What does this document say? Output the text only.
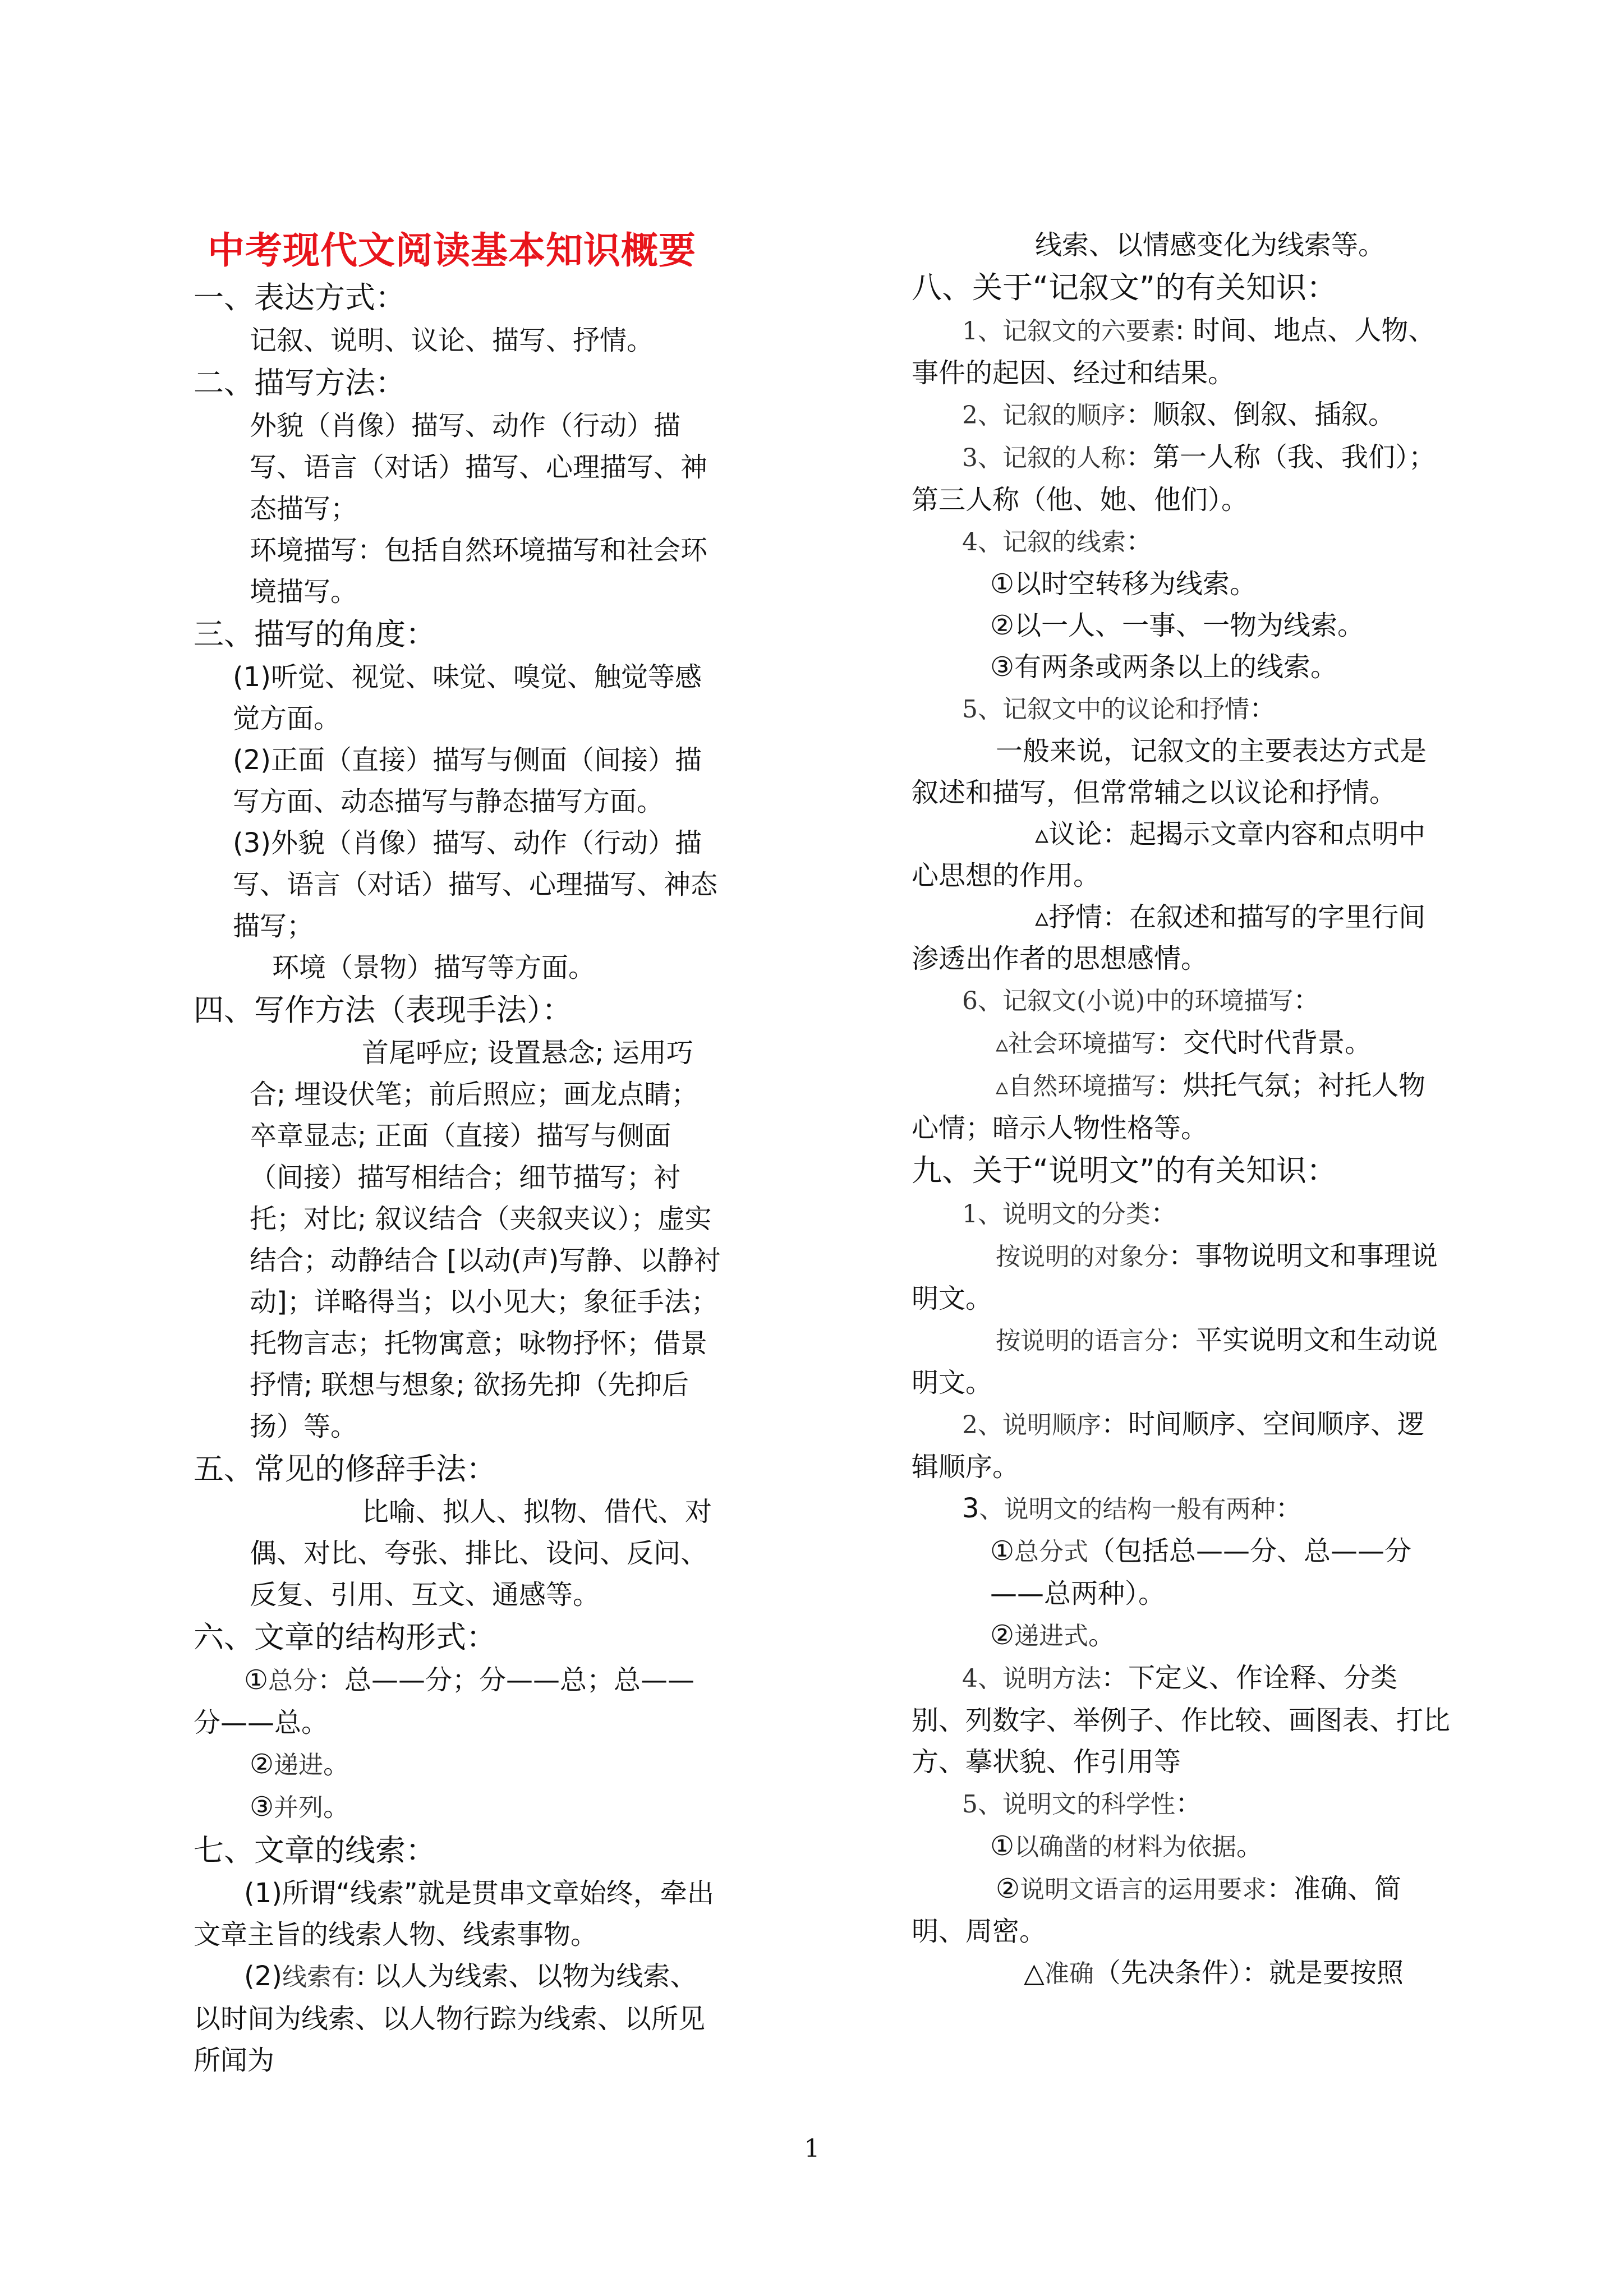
中考现代文阅读基本知识概要

一、表达方式：

记叙、说明、议论、描写、抒情。

二、描写方法：

外貌（肖像）描写、动作（行动）描写、语言（对话）描写、心理描写、神态描写；

环境描写：包括自然环境描写和社会环境描写。

三、描写的角度：

(1)听觉、视觉、味觉、嗅觉、触觉等感觉方面。

(2)正面（直接）描写与侧面（间接）描写方面、动态描写与静态描写方面。

(3)外貌（肖像）描写、动作（行动）描写、语言（对话）描写、心理描写、神态描写；

环境（景物）描写等方面。

四、写作方法（表现手法）：

首尾呼应; 设置悬念; 运用巧合; 埋设伏笔；前后照应；画龙点睛；卒章显志; 正面（直接）描写与侧面（间接）描写相结合；细节描写；衬托；对比; 叙议结合（夹叙夹议）；虚实结合；动静结合 [以动(声)写静、以静衬动]；详略得当；以小见大；象征手法；托物言志；托物寓意；咏物抒怀；借景抒情; 联想与想象; 欲扬先抑（先抑后扬）等。

五、常见的修辞手法：

比喻、拟人、拟物、借代、对偶、对比、夸张、排比、设问、反问、反复、引用、互文、通感等。

六、文章的结构形式：

①总分：总——分；分——总；总——分——总。

②递进。

③并列。

七、文章的线索：

(1)所谓“线索”就是贯串文章始终，牵出文章主旨的线索人物、线索事物。

(2)线索有: 以人为线索、以物为线索、以时间为线索、以人物行踪为线索、以所见所闻为

线索、以情感变化为线索等。

八、关于“记叙文”的有关知识：

1、记叙文的六要素: 时间、地点、人物、事件的起因、经过和结果。

2、记叙的顺序：顺叙、倒叙、插叙。

3、记叙的人称：第一人称（我、我们）；第三人称（他、她、他们）。

4、记叙的线索：

①以时空转移为线索。

②以一人、一事、一物为线索。

③有两条或两条以上的线索。

5、记叙文中的议论和抒情：

一般来说，记叙文的主要表达方式是叙述和描写，但常常辅之以议论和抒情。

▵议论：起揭示文章内容和点明中心思想的作用。

▵抒情：在叙述和描写的字里行间渗透出作者的思想感情。

6、记叙文(小说)中的环境描写：

▵社会环境描写：交代时代背景。

▵自然环境描写：烘托气氛；衬托人物心情；暗示人物性格等。

九、关于“说明文”的有关知识：

1、说明文的分类：

按说明的对象分：事物说明文和事理说明文。

按说明的语言分：平实说明文和生动说明文。

2、说明顺序：时间顺序、空间顺序、逻辑顺序。

3、说明文的结构一般有两种：

①总分式（包括总——分、总——分——总两种）。

②递进式。

4、说明方法：下定义、作诠释、分类别、列数字、举例子、作比较、画图表、打比方、摹状貌、作引用等

5、说明文的科学性：

①以确凿的材料为依据。

②说明文语言的运用要求：准确、简明、周密。

△准确（先决条件）：就是要按照

1
